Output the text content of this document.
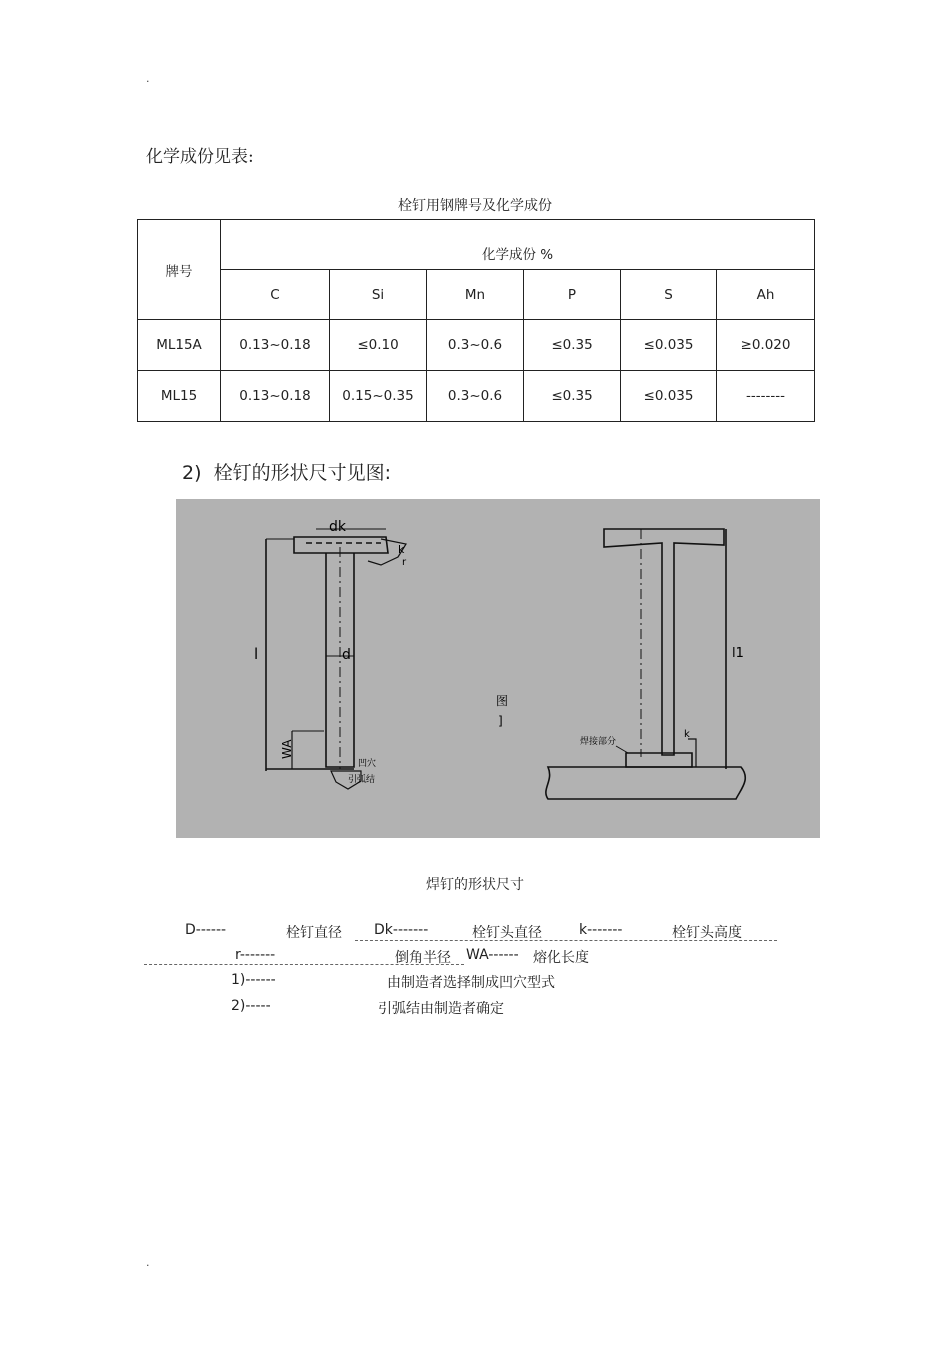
.
化学成份见表:
栓钉用钢牌号及化学成份
牌号	化学成份 %					
	C	Si	Mn	P	S	Ah
ML15A	0.13~0.18	≤0.10	0.3~0.6	≤0.35	≤0.035	≥0.020
ML15	0.13~0.18	0.15~0.35	0.3~0.6	≤0.35	≤0.035	--------
2) 栓钉的形状尺寸见图:
dk
d
l
WA
k
l1
r
图
]
凹穴
引弧结
焊接部分
k
焊钉的形状尺寸
D------	栓钉直径 Dk-------	栓钉头直径	k-------	栓钉头高度
r-------	倒角半径 WA------ 熔化长度
1)------	由制造者选择制成凹穴型式
2)-----	引弧结由制造者确定
.
